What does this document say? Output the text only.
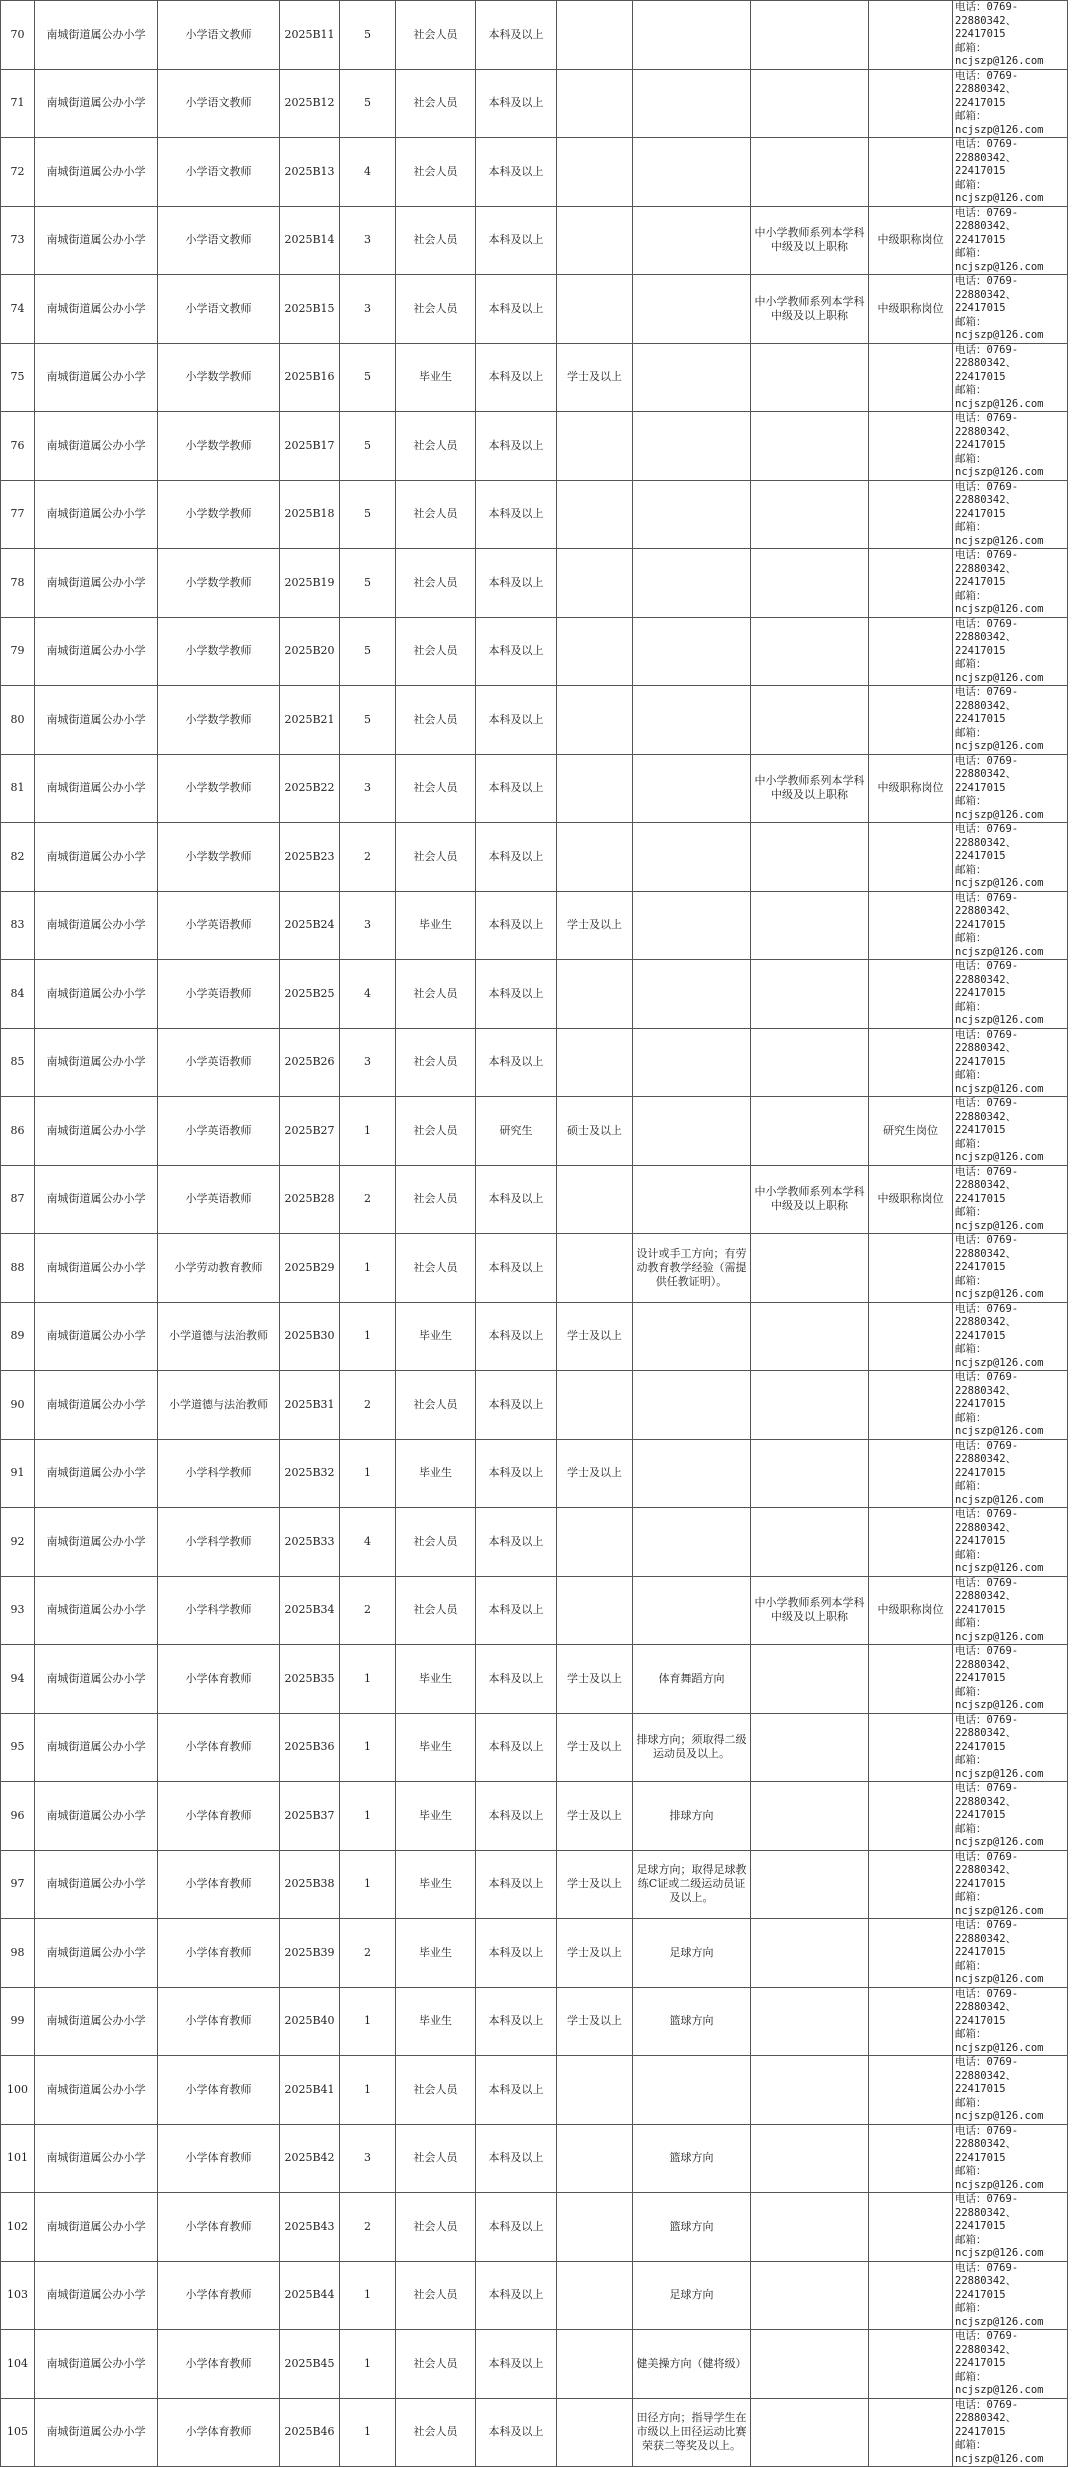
70	南城街道属公办小学	小学语文教师	2025B11	5	社会人员	本科及以上					电话：0769-22880342、
22417015
邮箱：ncjszp@126.com
71	南城街道属公办小学	小学语文教师	2025B12	5	社会人员	本科及以上					电话：0769-22880342、
22417015
邮箱：ncjszp@126.com
72	南城街道属公办小学	小学语文教师	2025B13	4	社会人员	本科及以上					电话：0769-22880342、
22417015
邮箱：ncjszp@126.com
73	南城街道属公办小学	小学语文教师	2025B14	3	社会人员	本科及以上			中小学教师系列本学科中级及以上职称	中级职称岗位	电话：0769-22880342、
22417015
邮箱：ncjszp@126.com
74	南城街道属公办小学	小学语文教师	2025B15	3	社会人员	本科及以上			中小学教师系列本学科中级及以上职称	中级职称岗位	电话：0769-22880342、
22417015
邮箱：ncjszp@126.com
75	南城街道属公办小学	小学数学教师	2025B16	5	毕业生	本科及以上	学士及以上				电话：0769-22880342、
22417015
邮箱：ncjszp@126.com
76	南城街道属公办小学	小学数学教师	2025B17	5	社会人员	本科及以上					电话：0769-22880342、
22417015
邮箱：ncjszp@126.com
77	南城街道属公办小学	小学数学教师	2025B18	5	社会人员	本科及以上					电话：0769-22880342、
22417015
邮箱：ncjszp@126.com
78	南城街道属公办小学	小学数学教师	2025B19	5	社会人员	本科及以上					电话：0769-22880342、
22417015
邮箱：ncjszp@126.com
79	南城街道属公办小学	小学数学教师	2025B20	5	社会人员	本科及以上					电话：0769-22880342、
22417015
邮箱：ncjszp@126.com
80	南城街道属公办小学	小学数学教师	2025B21	5	社会人员	本科及以上					电话：0769-22880342、
22417015
邮箱：ncjszp@126.com
81	南城街道属公办小学	小学数学教师	2025B22	3	社会人员	本科及以上			中小学教师系列本学科中级及以上职称	中级职称岗位	电话：0769-22880342、
22417015
邮箱：ncjszp@126.com
82	南城街道属公办小学	小学数学教师	2025B23	2	社会人员	本科及以上					电话：0769-22880342、
22417015
邮箱：ncjszp@126.com
83	南城街道属公办小学	小学英语教师	2025B24	3	毕业生	本科及以上	学士及以上				电话：0769-22880342、
22417015
邮箱：ncjszp@126.com
84	南城街道属公办小学	小学英语教师	2025B25	4	社会人员	本科及以上					电话：0769-22880342、
22417015
邮箱：ncjszp@126.com
85	南城街道属公办小学	小学英语教师	2025B26	3	社会人员	本科及以上					电话：0769-22880342、
22417015
邮箱：ncjszp@126.com
86	南城街道属公办小学	小学英语教师	2025B27	1	社会人员	研究生	硕士及以上			研究生岗位	电话：0769-22880342、
22417015
邮箱：ncjszp@126.com
87	南城街道属公办小学	小学英语教师	2025B28	2	社会人员	本科及以上			中小学教师系列本学科中级及以上职称	中级职称岗位	电话：0769-22880342、
22417015
邮箱：ncjszp@126.com
88	南城街道属公办小学	小学劳动教育教师	2025B29	1	社会人员	本科及以上		设计或手工方向；有劳动教育教学经验（需提供任教证明）。			电话：0769-22880342、
22417015
邮箱：ncjszp@126.com
89	南城街道属公办小学	小学道德与法治教师	2025B30	1	毕业生	本科及以上	学士及以上				电话：0769-22880342、
22417015
邮箱：ncjszp@126.com
90	南城街道属公办小学	小学道德与法治教师	2025B31	2	社会人员	本科及以上					电话：0769-22880342、
22417015
邮箱：ncjszp@126.com
91	南城街道属公办小学	小学科学教师	2025B32	1	毕业生	本科及以上	学士及以上				电话：0769-22880342、
22417015
邮箱：ncjszp@126.com
92	南城街道属公办小学	小学科学教师	2025B33	4	社会人员	本科及以上					电话：0769-22880342、
22417015
邮箱：ncjszp@126.com
93	南城街道属公办小学	小学科学教师	2025B34	2	社会人员	本科及以上			中小学教师系列本学科中级及以上职称	中级职称岗位	电话：0769-22880342、
22417015
邮箱：ncjszp@126.com
94	南城街道属公办小学	小学体育教师	2025B35	1	毕业生	本科及以上	学士及以上	体育舞蹈方向			电话：0769-22880342、
22417015
邮箱：ncjszp@126.com
95	南城街道属公办小学	小学体育教师	2025B36	1	毕业生	本科及以上	学士及以上	排球方向；须取得二级运动员及以上。			电话：0769-22880342、
22417015
邮箱：ncjszp@126.com
96	南城街道属公办小学	小学体育教师	2025B37	1	毕业生	本科及以上	学士及以上	排球方向			电话：0769-22880342、
22417015
邮箱：ncjszp@126.com
97	南城街道属公办小学	小学体育教师	2025B38	1	毕业生	本科及以上	学士及以上	足球方向；取得足球教练C证或二级运动员证及以上。			电话：0769-22880342、
22417015
邮箱：ncjszp@126.com
98	南城街道属公办小学	小学体育教师	2025B39	2	毕业生	本科及以上	学士及以上	足球方向			电话：0769-22880342、
22417015
邮箱：ncjszp@126.com
99	南城街道属公办小学	小学体育教师	2025B40	1	毕业生	本科及以上	学士及以上	篮球方向			电话：0769-22880342、
22417015
邮箱：ncjszp@126.com
100	南城街道属公办小学	小学体育教师	2025B41	1	社会人员	本科及以上					电话：0769-22880342、
22417015
邮箱：ncjszp@126.com
101	南城街道属公办小学	小学体育教师	2025B42	3	社会人员	本科及以上		篮球方向			电话：0769-22880342、
22417015
邮箱：ncjszp@126.com
102	南城街道属公办小学	小学体育教师	2025B43	2	社会人员	本科及以上		篮球方向			电话：0769-22880342、
22417015
邮箱：ncjszp@126.com
103	南城街道属公办小学	小学体育教师	2025B44	1	社会人员	本科及以上		足球方向			电话：0769-22880342、
22417015
邮箱：ncjszp@126.com
104	南城街道属公办小学	小学体育教师	2025B45	1	社会人员	本科及以上		健美操方向（健将级）			电话：0769-22880342、
22417015
邮箱：ncjszp@126.com
105	南城街道属公办小学	小学体育教师	2025B46	1	社会人员	本科及以上		田径方向；指导学生在市级以上田径运动比赛荣获二等奖及以上。			电话：0769-22880342、
22417015
邮箱：ncjszp@126.com
